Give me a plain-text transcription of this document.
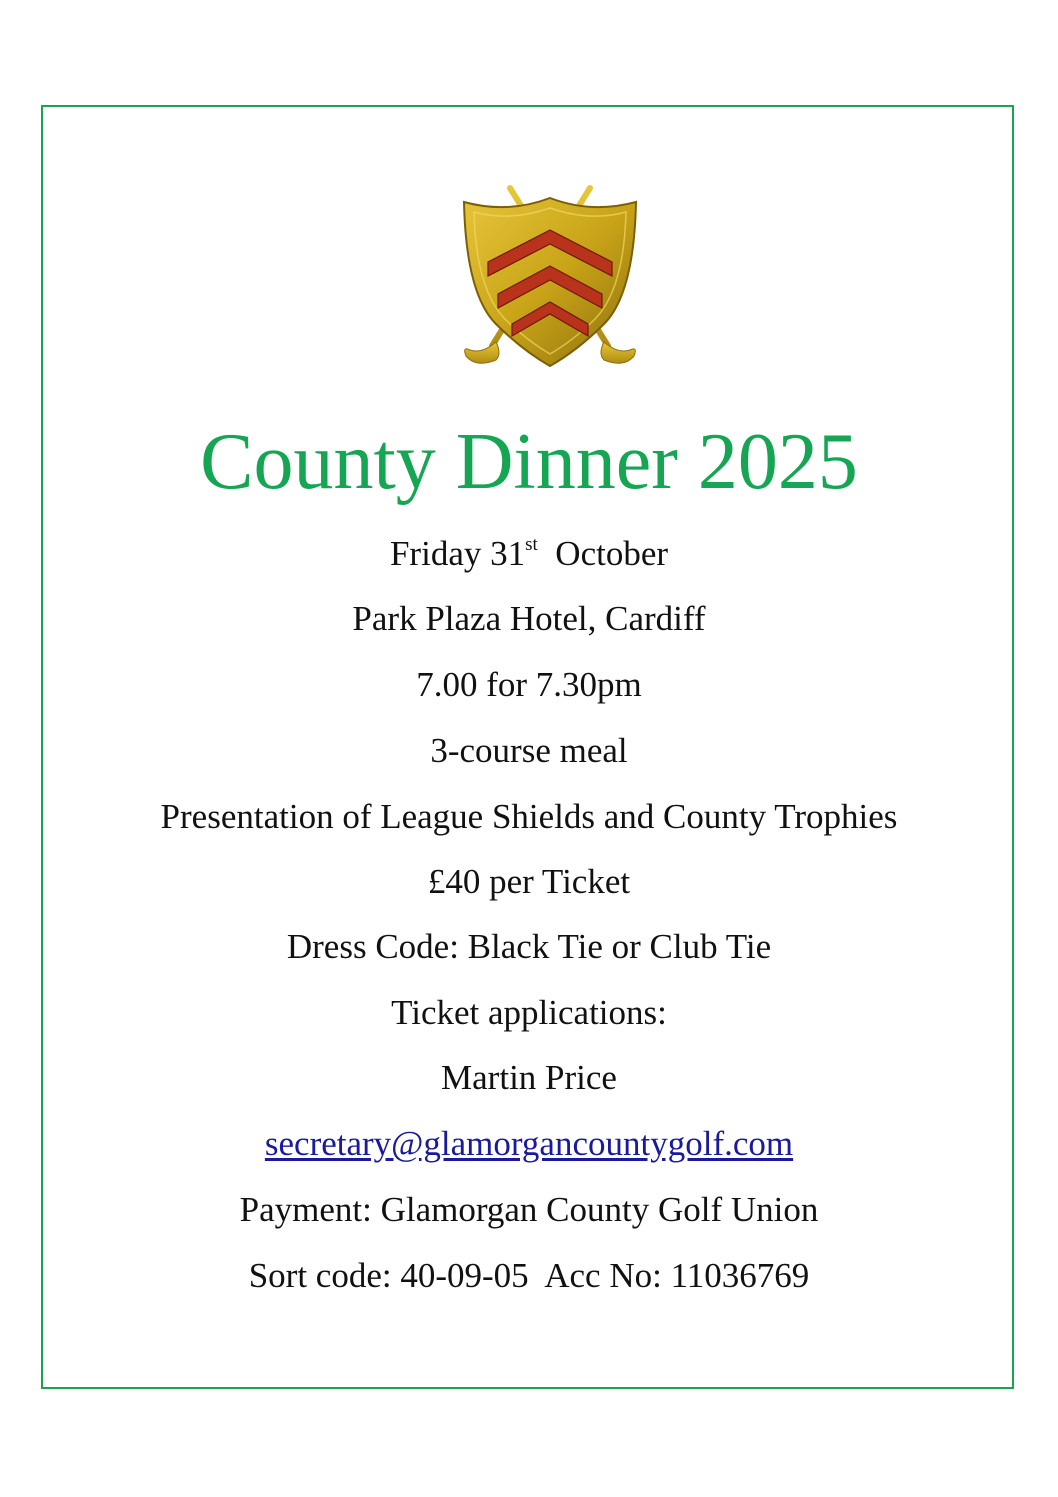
County Dinner 2025
Friday 31st October
Park Plaza Hotel, Cardiff
7.00 for 7.30pm
3-course meal
Presentation of League Shields and County Trophies
£40 per Ticket
Dress Code: Black Tie or Club Tie
Ticket applications:
Martin Price
secretary@glamorgancountygolf.com
Payment: Glamorgan County Golf Union
Sort code: 40-09-05  Acc No: 11036769
